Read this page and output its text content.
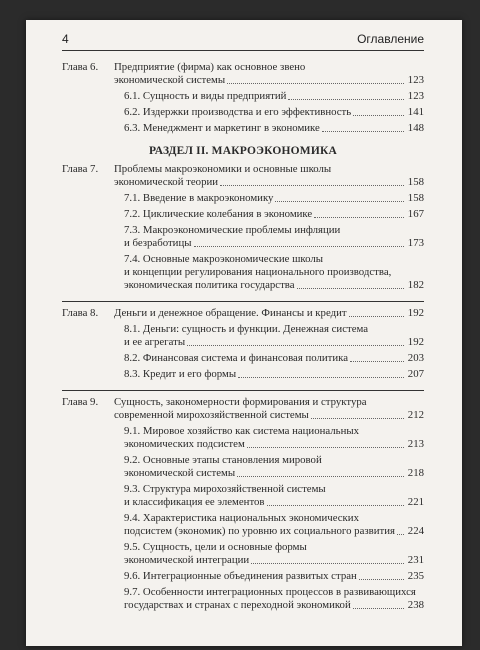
4	Оглавление
Глава 6.	Предприятие (фирма) как основное звено
экономической системы	123
6.1. Сущность и виды предприятий	123
6.2. Издержки производства и его эффективность	141
6.3. Менеджмент и маркетинг в экономике	148
РАЗДЕЛ II. МАКРОЭКОНОМИКА
Глава 7.	Проблемы макроэкономики и основные школы
экономической теории	158
7.1. Введение в макроэкономику	158
7.2. Циклические колебания в экономике	167
7.3. Макроэкономические проблемы инфляции
и безработицы	173
7.4. Основные макроэкономические школы
и концепции регулирования национального производства,
экономическая политика государства	182
Глава 8.	Деньги и денежное обращение. Финансы и кредит	192
8.1. Деньги: сущность и функции. Денежная система
и ее агрегаты	192
8.2. Финансовая система и финансовая политика	203
8.3. Кредит и его формы	207
Глава 9.	Сущность, закономерности формирования и структура
современной мирохозяйственной системы	212
9.1. Мировое хозяйство как система национальных
экономических подсистем	213
9.2. Основные этапы становления мировой
экономической системы	218
9.3. Структура мирохозяйственной системы
и классификация ее элементов	221
9.4. Характеристика национальных экономических
подсистем (экономик) по уровню их социального развития 224
9.5. Сущность, цели и основные формы
экономической интеграции	231
9.6. Интеграционные объединения развитых стран	235
9.7. Особенности интеграционных процессов в развивающихся
государствах и странах с переходной экономикой	238
